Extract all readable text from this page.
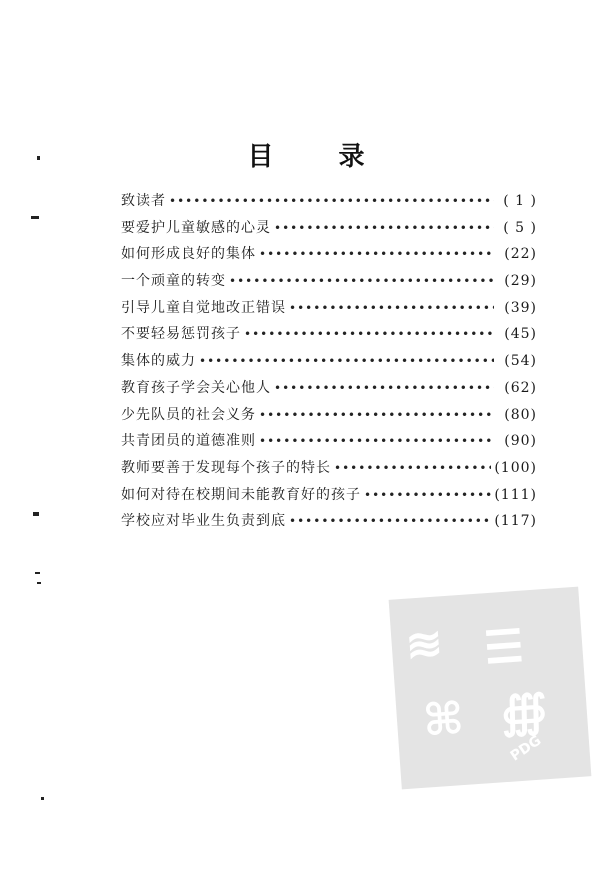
目 录
致读者 •••••	( 1 )
要爱护儿童敏感的心灵 •••••	( 5 )
如何形成良好的集体 •••••	(22)
一个顽童的转变 •••••	(29)
引导儿童自觉地改正错误 •••••	(39)
不要轻易惩罚孩子 •••••	(45)
集体的威力 •••••	(54)
教育孩子学会关心他人 •••••	(62)
少先队员的社会义务 •••••	(80)
共青团员的道德准则 •••••	(90)
教师要善于发现每个孩子的特长 •••••	(100)
如何对待在校期间未能教育好的孩子 •••••	(111)
学校应对毕业生负责到底 •••••	(117)
≋ ☰
⌘ ∰
PDG
